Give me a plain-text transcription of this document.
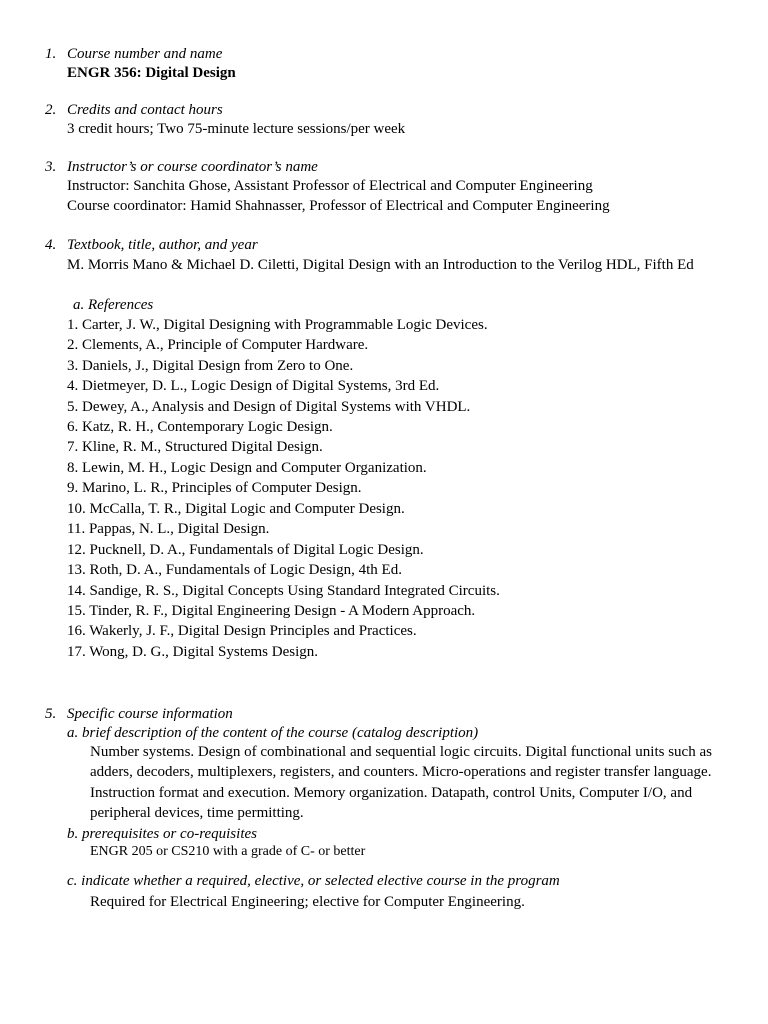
1. Course number and name
ENGR 356: Digital Design
2. Credits and contact hours
3 credit hours; Two 75-minute lecture sessions/per week
3. Instructor’s or course coordinator’s name
Instructor: Sanchita Ghose, Assistant Professor of Electrical and Computer Engineering
Course coordinator: Hamid Shahnasser, Professor of Electrical and Computer Engineering
4. Textbook, title, author, and year
M. Morris Mano & Michael D. Ciletti, Digital Design with an Introduction to the Verilog HDL, Fifth Ed
a. References
1. Carter, J. W., Digital Designing with Programmable Logic Devices.
2. Clements, A., Principle of Computer Hardware.
3. Daniels, J., Digital Design from Zero to One.
4. Dietmeyer, D. L., Logic Design of Digital Systems, 3rd Ed.
5. Dewey, A., Analysis and Design of Digital Systems with VHDL.
6. Katz, R. H., Contemporary Logic Design.
7. Kline, R. M., Structured Digital Design.
8. Lewin, M. H., Logic Design and Computer Organization.
9. Marino, L. R., Principles of Computer Design.
10. McCalla, T. R., Digital Logic and Computer Design.
11. Pappas, N. L., Digital Design.
12. Pucknell, D. A., Fundamentals of Digital Logic Design.
13. Roth, D. A., Fundamentals of Logic Design, 4th Ed.
14. Sandige, R. S., Digital Concepts Using Standard Integrated Circuits.
15. Tinder, R. F., Digital Engineering Design - A Modern Approach.
16. Wakerly, J. F., Digital Design Principles and Practices.
17. Wong, D. G., Digital Systems Design.
5. Specific course information
a. brief description of the content of the course (catalog description)
Number systems. Design of combinational and sequential logic circuits. Digital functional units such as adders, decoders, multiplexers, registers, and counters. Micro-operations and register transfer language. Instruction format and execution. Memory organization. Datapath, control Units, Computer I/O, and peripheral devices, time permitting.
b. prerequisites or co-requisites
ENGR 205 or CS210 with a grade of C- or better
c. indicate whether a required, elective, or selected elective course in the program
Required for Electrical Engineering; elective for Computer Engineering.
